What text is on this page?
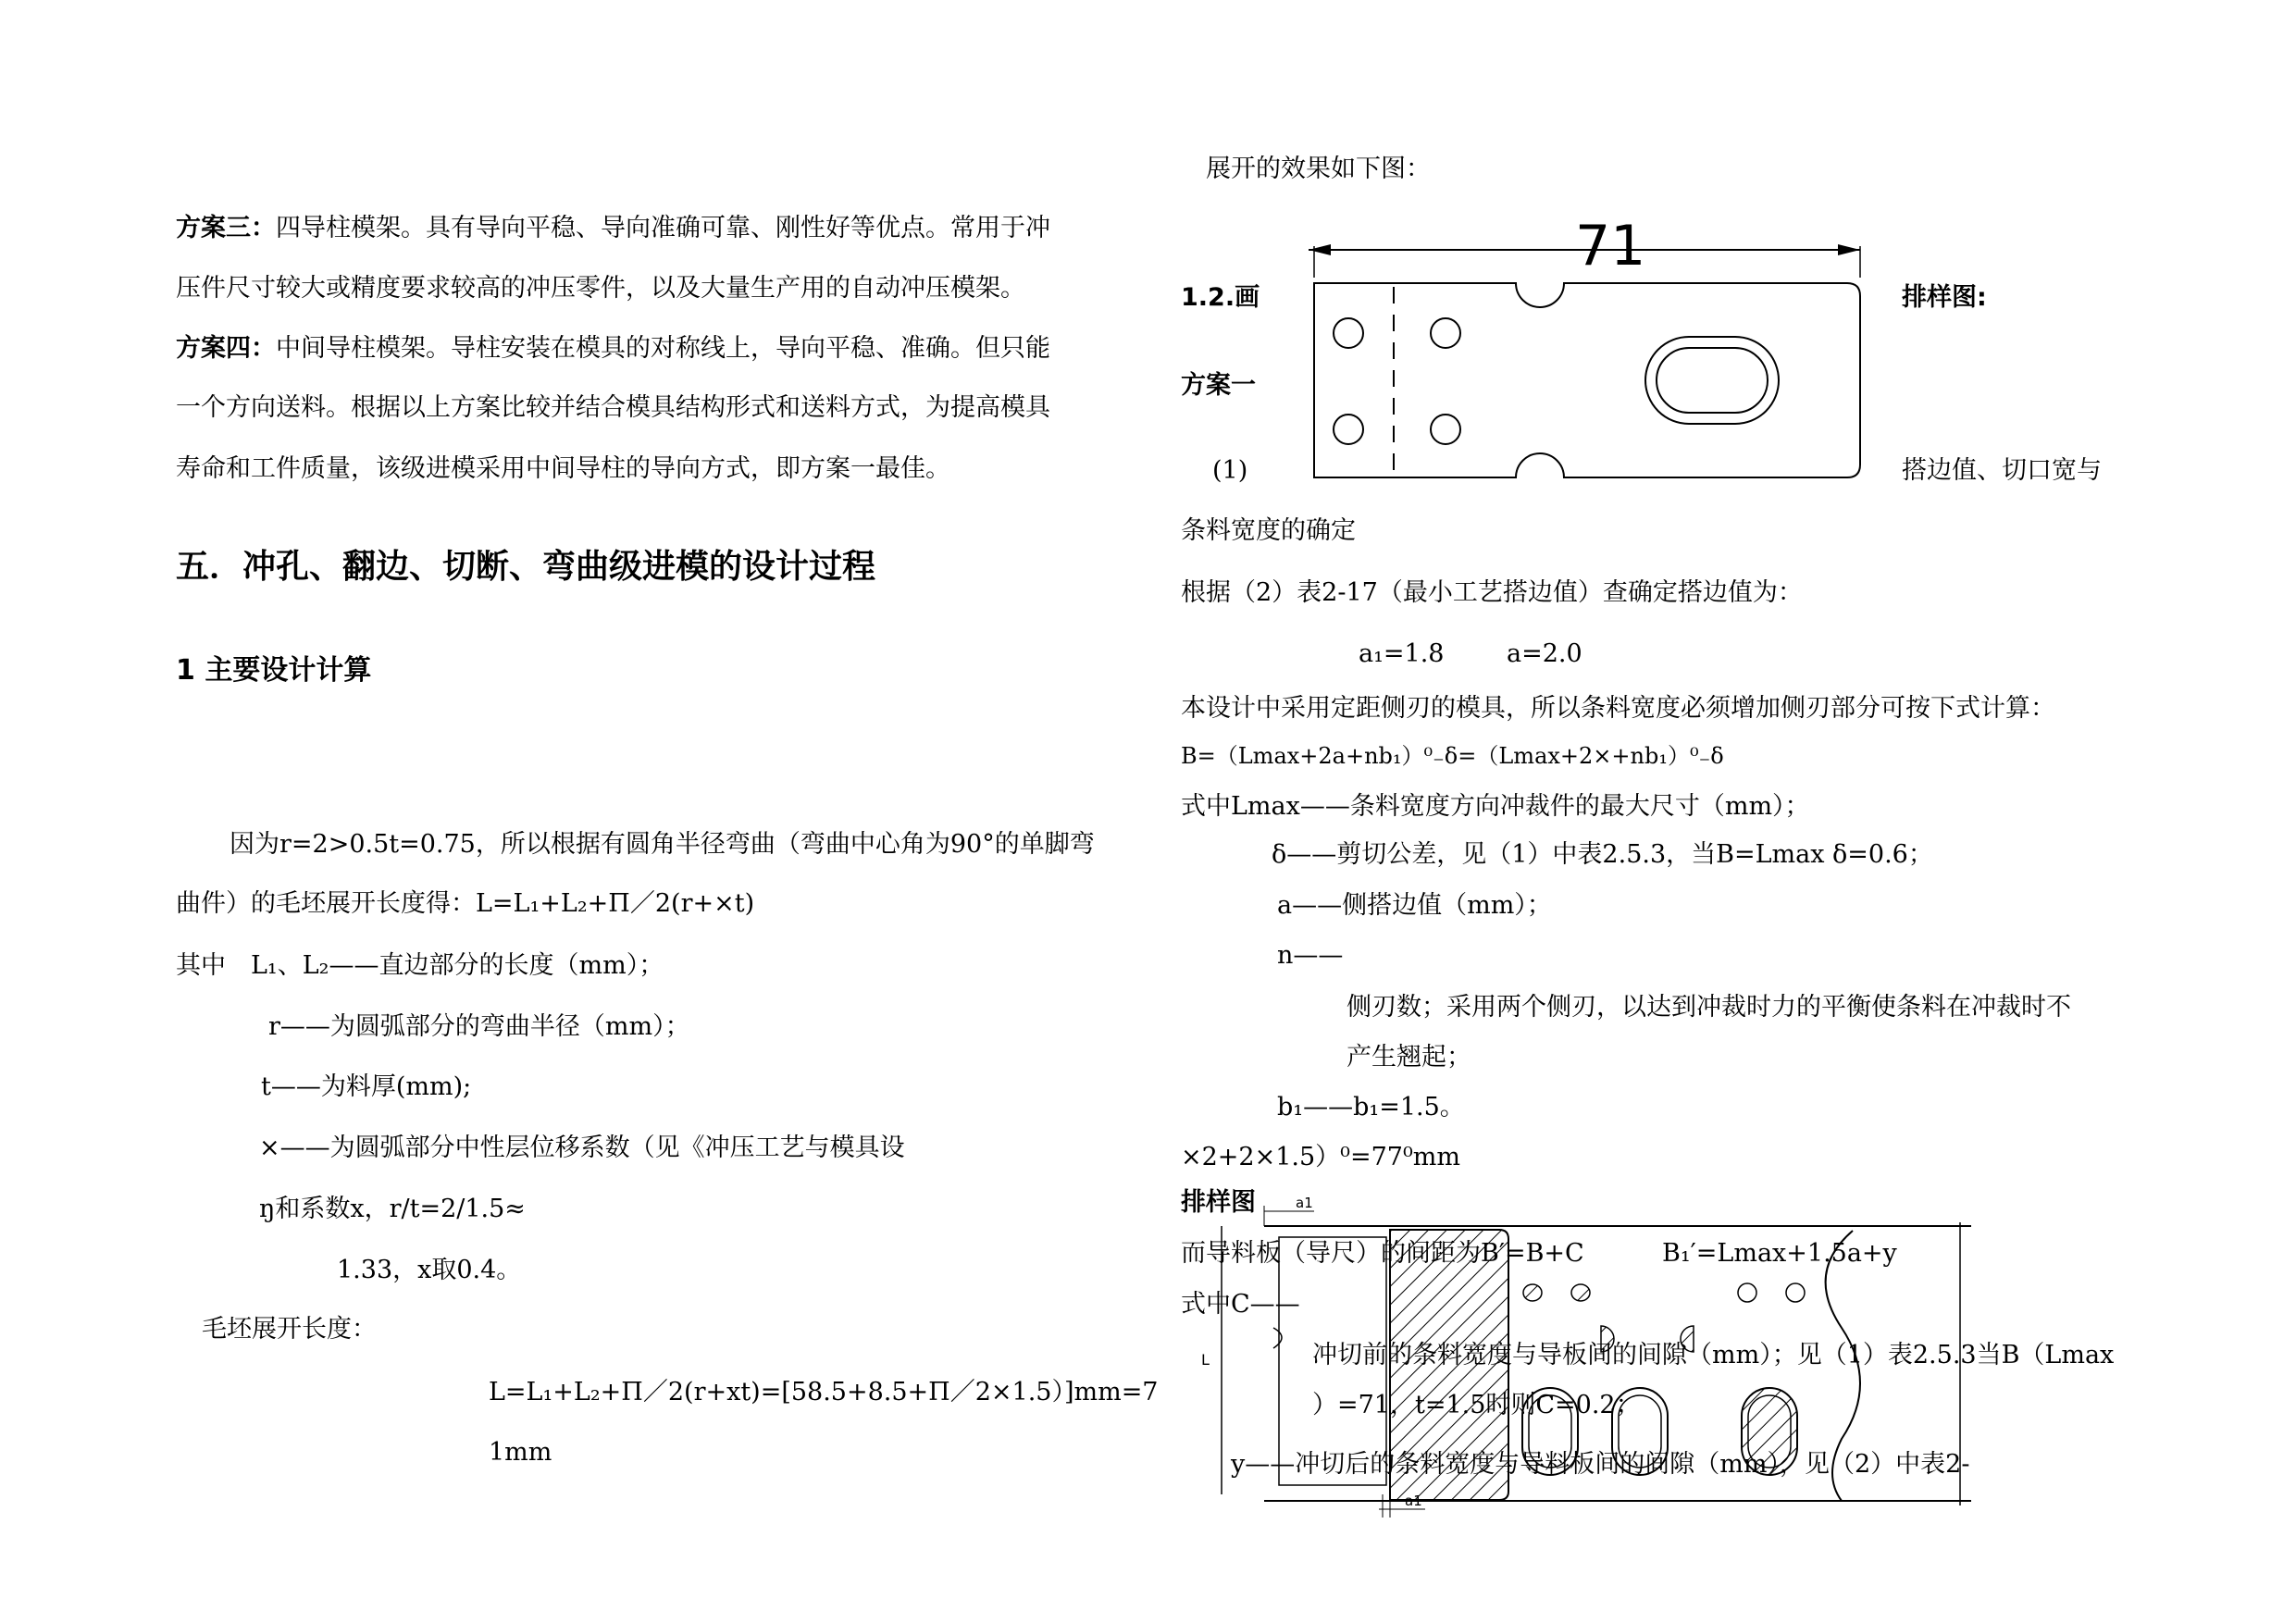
方案三：四导柱模架。具有导向平稳、导向准确可靠、刚性好等优点。常用于冲
压件尺寸较大或精度要求较高的冲压零件，以及大量生产用的自动冲压模架。
方案四：中间导柱模架。导柱安装在模具的对称线上，导向平稳、准确。但只能
一个方向送料。根据以上方案比较并结合模具结构形式和送料方式，为提高模具
寿命和工件质量，该级进模采用中间导柱的导向方式，即方案一最佳。
五．冲孔、翻边、切断、弯曲级进模的设计过程
1 主要设计计算
因为r=2>0.5t=0.75，所以根据有圆角半径弯曲（弯曲中心角为90°的单脚弯
曲件）的毛坯展开长度得：L=L₁+L₂+П／2(r+×t)
其中　L₁、L₂——直边部分的长度（mm）；
r——为圆弧部分的弯曲半径（mm）；
t——为料厚(mm);
×——为圆弧部分中性层位移系数（见《冲压工艺与模具设
ŋ和系数x，r/t=2/1.5≈
1.33，x取0.4。
毛坯展开长度：
L=L₁+L₂+П／2(r+xt)=[58.5+8.5+П／2×1.5）]mm=7
1mm
展开的效果如下图：
71
1.2.画	排样图:
方案一
(1)	搭边值、切口宽与
条料宽度的确定
根据（2）表2-17（最小工艺搭边值）查确定搭边值为：
a₁=1.8	a=2.0
本设计中采用定距侧刃的模具，所以条料宽度必须增加侧刃部分可按下式计算：
B=（Lmax+2a+nb₁）⁰₋δ=（Lmax+2×+nb₁）⁰₋δ
式中Lmax——条料宽度方向冲裁件的最大尺寸（mm）；
δ——剪切公差，见（1）中表2.5.3，当B=Lmax δ=0.6；
a——侧搭边值（mm）；
n——
侧刃数；采用两个侧刃，以达到冲裁时力的平衡使条料在冲裁时不
产生翘起；
b₁——b₁=1.5。
×2+2×1.5）⁰=77⁰mm
L
a1
a1
排样图
而导料板（导尺）的间距为B′=B+C	B₁′=Lmax+1.5a+y
式中C——
冲切前的条料宽度与导板间的间隙（mm）；见（1）表2.5.3当B（Lmax
）=71，t=1.5时则C=0.2；
y——冲切后的条料宽度与导料板间的间隙（mm），见（2）中表2-
